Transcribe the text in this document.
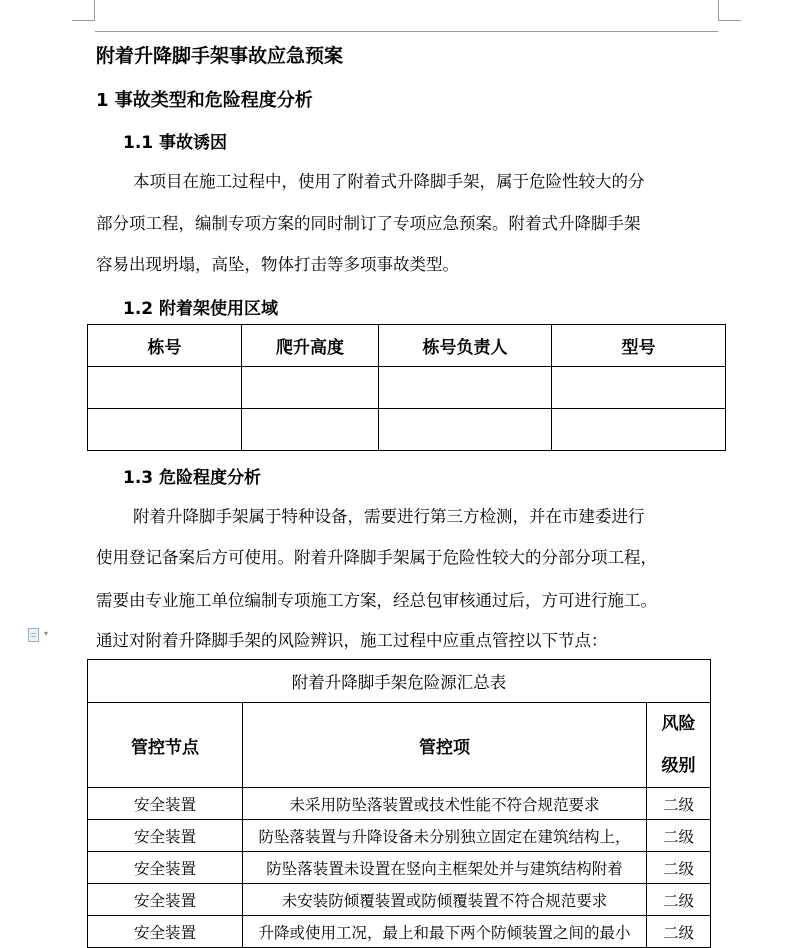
附着升降脚手架事故应急预案
1 事故类型和危险程度分析
1.1 事故诱因
本项目在施工过程中，使用了附着式升降脚手架，属于危险性较大的分
部分项工程，编制专项方案的同时制订了专项应急预案。附着式升降脚手架
容易出现坍塌，高坠，物体打击等多项事故类型。
1.2 附着架使用区域
栋号	爬升高度	栋号负责人	型号

1.3 危险程度分析
附着升降脚手架属于特种设备，需要进行第三方检测，并在市建委进行
使用登记备案后方可使用。附着升降脚手架属于危险性较大的分部分项工程，
需要由专业施工单位编制专项施工方案，经总包审核通过后，方可进行施工。
通过对附着升降脚手架的风险辨识，施工过程中应重点管控以下节点：
▾
附着升降脚手架危险源汇总表		
管控节点	管控项	风险
级别

安全装置	未采用防坠落装置或技术性能不符合规范要求	二级
安全装置	防坠落装置与升降设备未分别独立固定在建筑结构上，	二级
安全装置	防坠落装置未设置在竖向主框架处并与建筑结构附着	二级
安全装置	未安装防倾覆装置或防倾覆装置不符合规范要求	二级
安全装置	升降或使用工况，最上和最下两个防倾装置之间的最小	二级
